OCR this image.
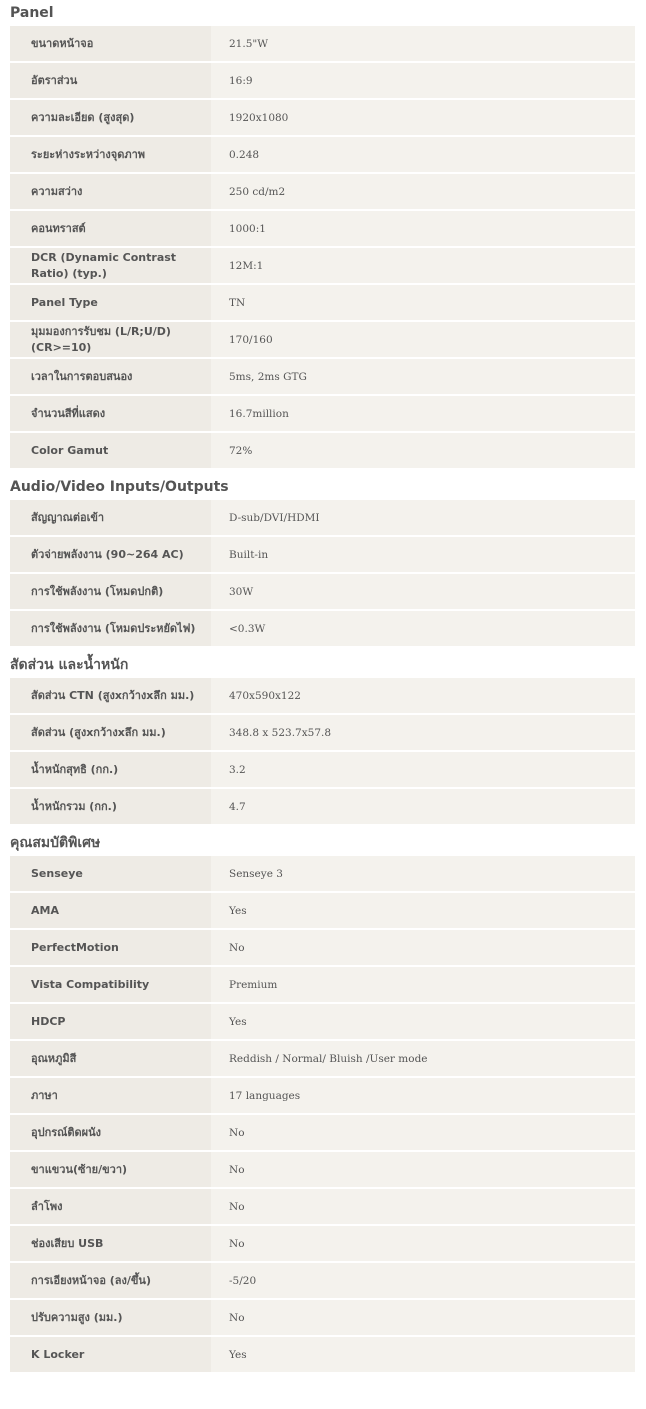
Panel
ขนาดหน้าจอ	21.5"W
อัตราส่วน	16:9
ความละเอียด (สูงสุด)	1920x1080
ระยะห่างระหว่างจุดภาพ	0.248
ความสว่าง	250 cd/m2
คอนทราสต์	1000:1
DCR (Dynamic Contrast Ratio) (typ.)	12M:1
Panel Type	TN
มุมมองการรับชม (L/R;U/D) (CR>=10)	170/160
เวลาในการตอบสนอง	5ms, 2ms GTG
จำนวนสีที่แสดง	16.7million
Color Gamut	72%
Audio/Video Inputs/Outputs
สัญญาณต่อเข้า	D-sub/DVI/HDMI
ตัวจ่ายพลังงาน (90~264 AC)	Built-in
การใช้พลังงาน (โหมดปกติ)	30W
การใช้พลังงาน (โหมดประหยัดไฟ)	<0.3W
สัดส่วน และน้ำหนัก
สัดส่วน CTN (สูงxกว้างxลึก มม.)	470x590x122
สัดส่วน (สูงxกว้างxลึก มม.)	348.8 x 523.7x57.8
น้ำหนักสุทธิ (กก.)	3.2
น้ำหนักรวม (กก.)	4.7
คุณสมบัติพิเศษ
Senseye	Senseye 3
AMA	Yes
PerfectMotion	No
Vista Compatibility	Premium
HDCP	Yes
อุณหภูมิสี	Reddish / Normal/ Bluish /User mode
ภาษา	17 languages
อุปกรณ์ติดผนัง	No
ขาแขวน(ซ้าย/ขวา)	No
ลำโพง	No
ช่องเสียบ USB	No
การเอียงหน้าจอ (ลง/ขึ้น)	-5/20
ปรับความสูง (มม.)	No
K Locker	Yes
